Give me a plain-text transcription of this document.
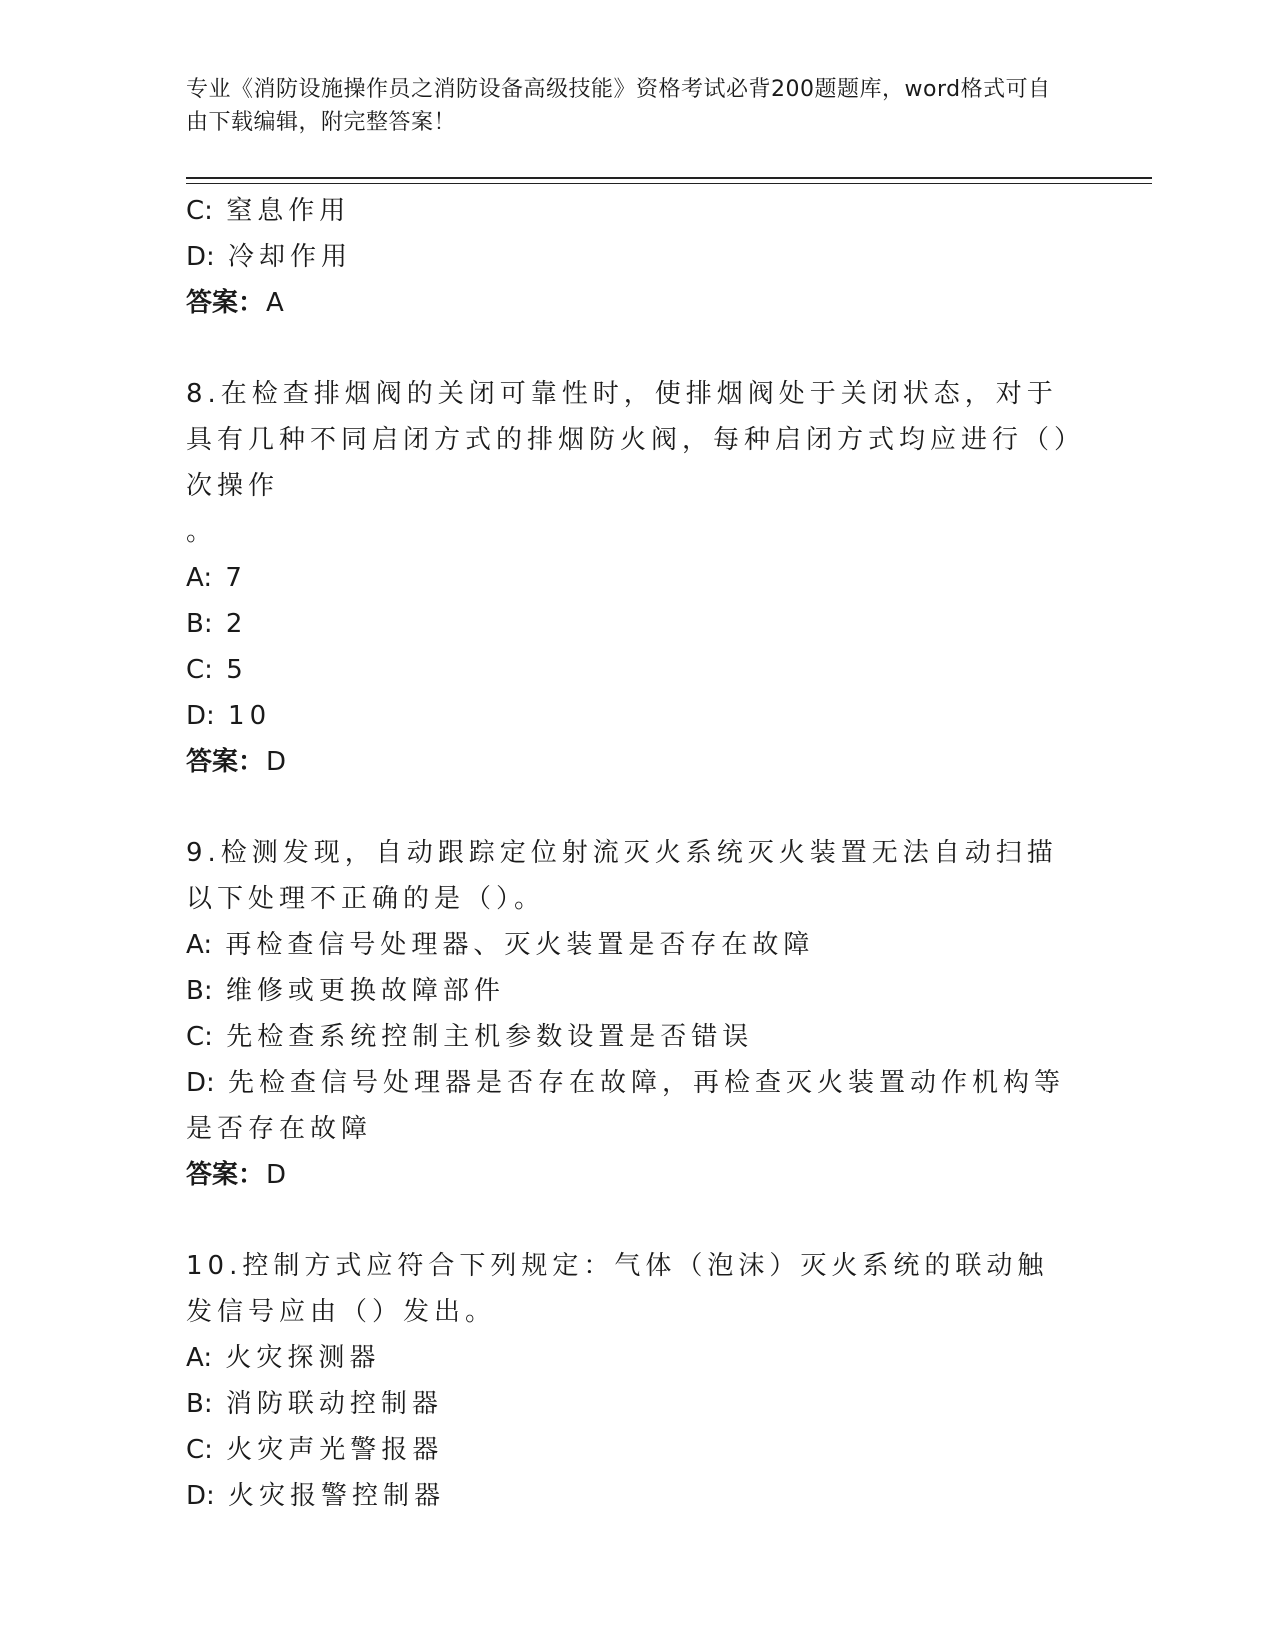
专业《消防设施操作员之消防设备高级技能》资格考试必背200题题库，word格式可自由下载编辑，附完整答案！
C: 窒息作用
D: 冷却作用
答案：A
8.在检查排烟阀的关闭可靠性时，使排烟阀处于关闭状态，对于具有几种不同启闭方式的排烟防火阀，每种启闭方式均应进行（）次操作
。
A: 7
B: 2
C: 5
D: 10
答案：D
9.检测发现，自动跟踪定位射流灭火系统灭火装置无法自动扫描以下处理不正确的是（）。
A: 再检查信号处理器、灭火装置是否存在故障
B: 维修或更换故障部件
C: 先检查系统控制主机参数设置是否错误
D: 先检查信号处理器是否存在故障，再检查灭火装置动作机构等是否存在故障
答案：D
10.控制方式应符合下列规定：气体（泡沫）灭火系统的联动触发信号应由（）发出。
A: 火灾探测器
B: 消防联动控制器
C: 火灾声光警报器
D: 火灾报警控制器
